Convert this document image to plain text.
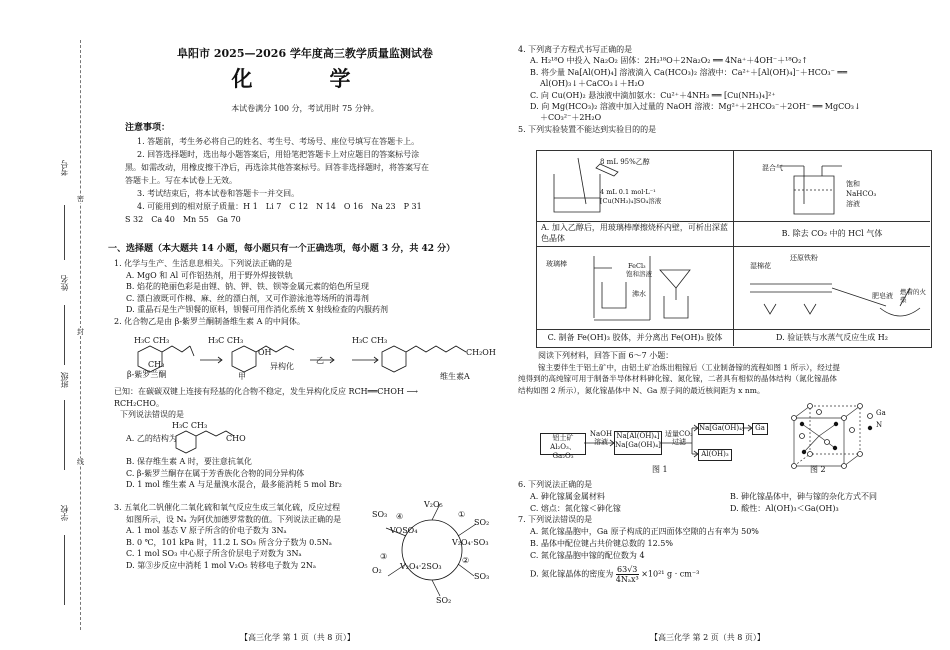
考号
姓名
班级
学校
密
封
线
阜阳市 2025—2026 学年度高三教学质量监测试卷
化　学
本试卷满分 100 分，考试用时 75 分钟。

注意事项：

1. 答题前，考生务必将自己的姓名、考生号、考场号、座位号填写在答题卡上。

2. 回答选择题时，选出每小题答案后，用铅笔把答题卡上对应题目的答案标号涂

黑。如需改动，用橡皮擦干净后，再选涂其他答案标号。回答非选择题时，将答案写在

答题卡上。写在本试卷上无效。

3. 考试结束后，将本试卷和答题卡一并交回。

4. 可能用到的相对原子质量：H 1　Li 7　C 12　N 14　O 16　Na 23　P 31

S 32　Ca 40　Mn 55　Ga 70

一、选择题（本大题共 14 小题，每小题只有一个正确选项，每小题 3 分，共 42 分）

1. 化学与生产、生活息息相关。下列说法正确的是

A. MgO 和 Al 可作铝热剂，用于野外焊接铁轨

B. 焰花的艳丽色彩是由锂、钠、钾、铁、钡等金属元素的焰色所呈现

C. 漂白液既可作棉、麻、丝的漂白剂，又可作游泳池等场所的消毒剂

D. 重晶石是生产钡餐的原料，钡餐可用作消化系统 X 射线检查的内服药剂

2. 化合物乙是由 β-紫罗兰酮制备维生素 A 的中间体。

H₃C CH₃
β-紫罗兰酮
CH₃
H₃C CH₃
OH
甲
异构化
乙
H₃C CH₃
CH₂OH
维生素A

已知：在碳碳双键上连接有羟基的化合物不稳定，发生异构化反应 RCH══CHOH ⟶

RCH₂CHO。

下列说法错误的是

A. 乙的结构为
H₃C CH₃
CHO

B. 保存维生素 A 时，要注意抗氧化

C. β-紫罗兰酮存在属于芳香族化合物的同分异构体

D. 1 mol 维生素 A 与足量溴水混合，最多能消耗 5 mol Br₂

3. 五氧化二钒催化二氧化硫和氧气反应生成三氧化硫，反应过程

如图所示，设 Nₐ 为阿伏加德罗常数的值。下列说法正确的是

A. 1 mol 基态 V 原子所含的价电子数为 3Nₐ

B. 0 ℃，101 kPa 时，11.2 L SO₃ 所含分子数为 0.5Nₐ

C. 1 mol SO₃ 中心原子所含价层电子对数为 3Nₐ

D. 第③步反应中消耗 1 mol V₂O₅ 转移电子数为 2Nₐ

V₂O₅
SO₃
SO₂
VOSO₄
V₂O₄·SO₃
O₂
SO₃
V₂O₄·2SO₃
SO₂
①
②
③
④
【高三化学 第 1 页（共 8 页）】

4. 下列离子方程式书写正确的是

A. H₂¹⁸O 中投入 Na₂O₂ 固体：2H₂¹⁸O＋2Na₂O₂ ══ 4Na⁺＋4OH⁻＋¹⁸O₂↑

B. 将少量 Na[Al(OH)₄] 溶液滴入 Ca(HCO₃)₂ 溶液中：Ca²⁺＋[Al(OH)₄]⁻＋HCO₃⁻ ══

Al(OH)₃↓＋CaCO₃↓＋H₂O

C. 向 Cu(OH)₂ 悬浊液中滴加氨水：Cu²⁺＋4NH₃ ══ [Cu(NH₃)₄]²⁺

D. 向 Mg(HCO₃)₂ 溶液中加入过量的 NaOH 溶液：Mg²⁺＋2HCO₃⁻＋2OH⁻ ══ MgCO₃↓

＋CO₃²⁻＋2H₂O

5. 下列实验装置不能达到实验目的的是

A. 加入乙醇后，用玻璃棒摩擦烧杯内壁，可析出深蓝色晶体
B. 除去 CO₂ 中的 HCl 气体
C. 制备 Fe(OH)₃ 胶体，并分离出 Fe(OH)₃ 胶体	D. 验证铁与水蒸气反应生成 H₂
8 mL 95%乙醇
4 mL 0.1 mol·L⁻¹
[Cu(NH₃)₄]SO₄溶液
混合气
饱和
NaHCO₃
溶液
玻璃棒	FeCl₃
饱和溶液
沸水
湿棉花
还原铁粉
肥皂液 燃着的火柴

阅读下列材料，回答下面 6～7 小题：

镓主要伴生于铝土矿中，由铝土矿冶炼出粗镓后（工业制备镓的流程如图 1 所示），经过提

纯得到的高纯镓可用于制备半导体材料砷化镓、氮化镓，二者具有相似的晶体结构（氮化镓晶体

结构如图 2 所示），氮化镓晶体中 N、Ga 原子间的最近核间距为 x nm。

铝土矿
Al₂O₃、Ga₂O₃
NaOH
溶液
Na[Al(OH)₄]
Na[Ga(OH)₄]
适量CO₂
过滤
Na[Ga(OH)₄]	Ga
Al(OH)₃
图 1
Ga
N
图 2

6. 下列说法正确的是

A. 砷化镓属金属材料	B. 砷化镓晶体中，砷与镓的杂化方式不同
C. 熔点：氮化镓＜砷化镓	D. 酸性：Al(OH)₃＜Ga(OH)₃

7. 下列说法错误的是

A. 氮化镓晶胞中，Ga 原子构成的正四面体空隙的占有率为 50%

B. 晶体中配位键占共价键总数的 12.5%

C. 氮化镓晶胞中镓的配位数为 4

D. 氮化镓晶体的密度为 $\frac{63√3}{\text{4Nₐx³}} \times 10^{21}$ g · cm⁻³

【高三化学 第 2 页（共 8 页）】
